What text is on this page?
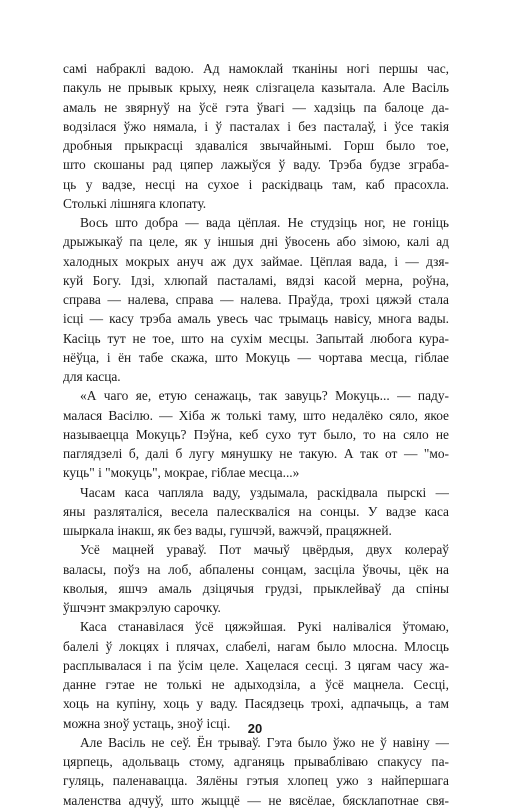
самі набраклі вадою. Ад намоклай тканіны ногі першы час,
пакуль не прывык крыху, неяк слізгацела казытала. Але Васіль
амаль не звярнуў на ўсё гэта ўвагі — хадзіць па балоце да-
водзілася ўжо нямала, і ў пасталах і без пасталаў, і ўсе такія
дробныя прыкрасці здаваліся звычайнымі. Горш было тое,
што скошаны рад цяпер лажыўся ў ваду. Трэба будзе зграба-
ць у вадзе, несці на сухое і раскідваць там, каб прасохла.
Столькі лішняга клопату.
Вось што добра — вада цёплая. Не студзіць ног, не гоніць
дрыжыкаў па целе, як у іншыя дні ўвосень або зімою, калі ад
халодных мокрых ануч аж дух займае. Цёплая вада, і — дзя-
куй Богу. Ідзі, хлюпай пасталамі, вядзі касой мерна, роўна,
справа — налева, справа — налева. Праўда, трохі цяжэй стала
ісці — касу трэба амаль увесь час трымаць навісу, многа вады.
Касіць тут не тое, што на сухім месцы. Запытай любога кура-
нёўца, і ён табе скажа, што Мокуць — чортава месца, гіблае
для касца.
«А чаго яе, етую сенажаць, так завуць? Мокуць... — паду-
малася Васілю. — Хіба ж толькі таму, што недалёко сяло, якое
называецца Мокуць? Пэўна, кеб сухо тут было, то на сяло не
паглядзелі б, далі б лугу мянушку не такую. А так от — "мо-
куць" і "мокуць", мокрае, гіблае месца...»
Часам каса чапляла ваду, уздымала, раскідвала пырскі —
яны разляталіся, весела палескваліся на сонцы. У вадзе каса
шыркала інакш, як без вады, гушчэй, важчэй, працяжней.
Усё мацней ураваў. Пот мачыў цвёрдыя, двух колераў
валасы, поўз на лоб, абпалены сонцам, засціла ўвочы, цёк на
кволыя, яшчэ амаль дзіцячыя грудзі, прыклейваў да спіны
ўшчэнт змакрэлую сарочку.
Каса станавілася ўсё цяжэйшая. Рукі наліваліся ўтомаю,
балелі ў локцях і плячах, слабелі, нагам было млосна. Млосць
расплывалася і па ўсім целе. Хацелася сесці. З цягам часу жа-
данне гэтае не толькі не адыходзіла, а ўсё мацнела. Сесці,
хоць на купіну, хоць у ваду. Пасядзець трохі, адпачыць, а там
можна зноў устаць, зноў ісці.
Але Васіль не сеў. Ён трываў. Гэта было ўжо не ў навіну —
цярпець, адольваць стому, адганяць прывабліваю спакусу па-
гуляць, паленавацца. Зялёны гэтыя хлопец ужо з найпершага
маленства адчуў, што жыццё — не вясёлае, бясклапотнае свя-
20
